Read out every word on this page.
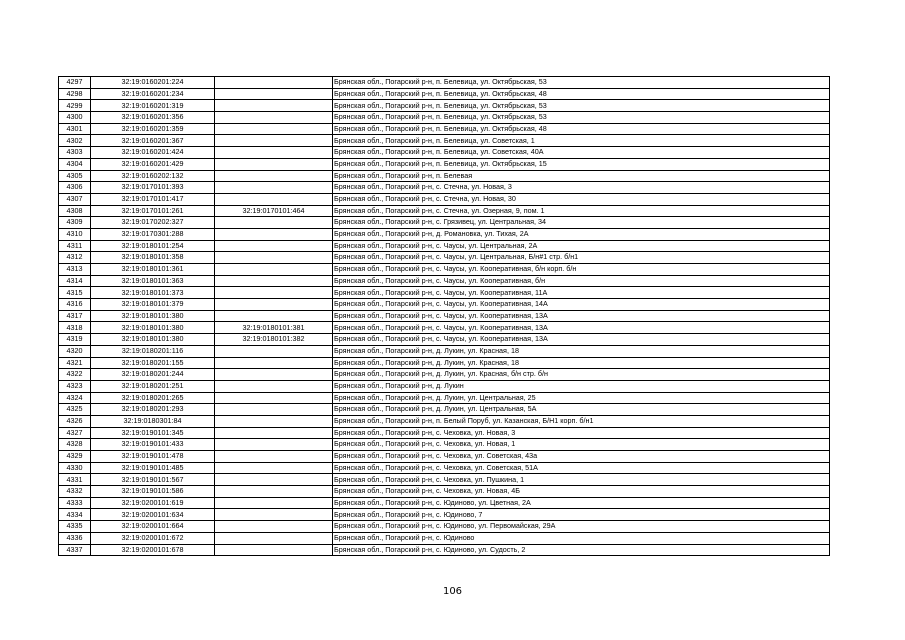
4297	32:19:0160201:224		Брянская обл., Погарский р-н, п. Белевица, ул. Октябрьская, 53
4298	32:19:0160201:234		Брянская обл., Погарский р-н, п. Белевица, ул. Октябрьская, 48
4299	32:19:0160201:319		Брянская обл., Погарский р-н, п. Белевица, ул. Октябрьская, 53
4300	32:19:0160201:356		Брянская обл., Погарский р-н, п. Белевица, ул. Октябрьская, 53
4301	32:19:0160201:359		Брянская обл., Погарский р-н, п. Белевица, ул. Октябрьская, 48
4302	32:19:0160201:367		Брянская обл., Погарский р-н, п. Белевица, ул. Советская, 1
4303	32:19:0160201:424		Брянская обл., Погарский р-н, п. Белевица, ул. Советская, 40А
4304	32:19:0160201:429		Брянская обл., Погарский р-н, п. Белевица, ул. Октябрьская, 15
4305	32:19:0160202:132		Брянская обл., Погарский р-н, п. Белевая
4306	32:19:0170101:393		Брянская обл., Погарский р-н, с. Стечна, ул. Новая, 3
4307	32:19:0170101:417		Брянская обл., Погарский р-н, с. Стечна, ул. Новая, 30
4308	32:19:0170101:261	32:19:0170101:464	Брянская обл., Погарский р-н, с. Стечна, ул. Озерная, 9, пом. 1
4309	32:19:0170202:327		Брянская обл., Погарский р-н, с. Грязивец, ул. Центральная, 34
4310	32:19:0170301:288		Брянская обл., Погарский р-н, д. Романовка, ул. Тихая, 2А
4311	32:19:0180101:254		Брянская обл., Погарский р-н, с. Чаусы, ул. Центральная, 2А
4312	32:19:0180101:358		Брянская обл., Погарский р-н, с. Чаусы, ул. Центральная, Б/н#1 стр. б/н1
4313	32:19:0180101:361		Брянская обл., Погарский р-н, с. Чаусы, ул. Кооперативная, б/н корп. б/н
4314	32:19:0180101:363		Брянская обл., Погарский р-н, с. Чаусы, ул. Кооперативная, б/н
4315	32:19:0180101:373		Брянская обл., Погарский р-н, с. Чаусы, ул. Кооперативная, 11А
4316	32:19:0180101:379		Брянская обл., Погарский р-н, с. Чаусы, ул. Кооперативная, 14А
4317	32:19:0180101:380		Брянская обл., Погарский р-н, с. Чаусы, ул. Кооперативная, 13А
4318	32:19:0180101:380	32:19:0180101:381	Брянская обл., Погарский р-н, с. Чаусы, ул. Кооперативная, 13А
4319	32:19:0180101:380	32:19:0180101:382	Брянская обл., Погарский р-н, с. Чаусы, ул. Кооперативная, 13А
4320	32:19:0180201:116		Брянская обл., Погарский р-н, д. Лукин, ул. Красная, 18
4321	32:19:0180201:155		Брянская обл., Погарский р-н, д. Лукин, ул. Красная, 18
4322	32:19:0180201:244		Брянская обл., Погарский р-н, д. Лукин, ул. Красная, б/н стр. б/н
4323	32:19:0180201:251		Брянская обл., Погарский р-н, д. Лукин
4324	32:19:0180201:265		Брянская обл., Погарский р-н, д. Лукин, ул. Центральная, 25
4325	32:19:0180201:293		Брянская обл., Погарский р-н, д. Лукин, ул. Центральная, 5А
4326	32:19:0180301:84		Брянская обл., Погарский р-н, п. Белый Поруб, ул. Казанская, Б/Н1 корп. б/н1
4327	32:19:0190101:345		Брянская обл., Погарский р-н, с. Чеховка, ул. Новая, 3
4328	32:19:0190101:433		Брянская обл., Погарский р-н, с. Чеховка, ул. Новая, 1
4329	32:19:0190101:478		Брянская обл., Погарский р-н, с. Чеховка, ул. Советская, 43а
4330	32:19:0190101:485		Брянская обл., Погарский р-н, с. Чеховка, ул. Советская, 51А
4331	32:19:0190101:567		Брянская обл., Погарский р-н, с. Чеховка, ул. Пушкина, 1
4332	32:19:0190101:586		Брянская обл., Погарский р-н, с. Чеховка, ул. Новая, 4Б
4333	32:19:0200101:619		Брянская обл., Погарский р-н, с. Юдиново, ул. Цветная, 2А
4334	32:19:0200101:634		Брянская обл., Погарский р-н, с. Юдиново, 7
4335	32:19:0200101:664		Брянская обл., Погарский р-н, с. Юдиново, ул. Первомайская, 29А
4336	32:19:0200101:672		Брянская обл., Погарский р-н, с. Юдиново
4337	32:19:0200101:678		Брянская обл., Погарский р-н, с. Юдиново, ул. Судость, 2
106
